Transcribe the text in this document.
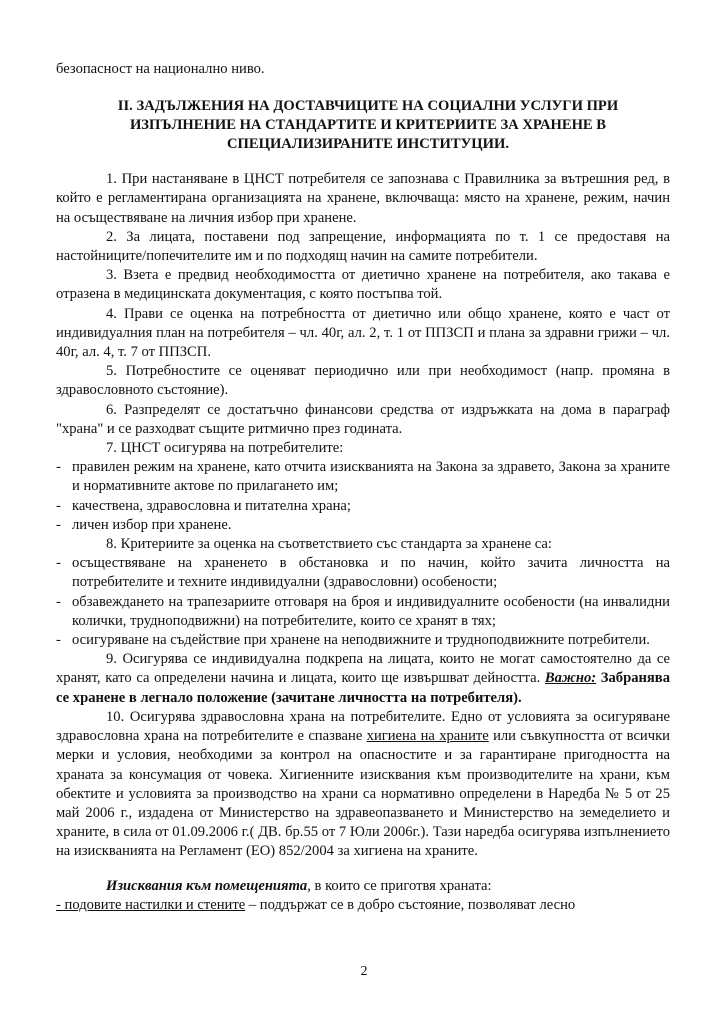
безопасност на национално ниво.

II. ЗАДЪЛЖЕНИЯ НА ДОСТАВЧИЦИТЕ НА СОЦИАЛНИ УСЛУГИ ПРИ
ИЗПЪЛНЕНИЕ НА СТАНДАРТИТЕ И КРИТЕРИИТЕ ЗА ХРАНЕНЕ В
СПЕЦИАЛИЗИРАНИТЕ ИНСТИТУЦИИ.

1. При настаняване в ЦНСТ потребителя се запознава с Правилника за вътрешния ред, в който е регламентирана организацията на хранене, включваща: място на хранене, режим, начин на осъществяване на личния избор при хранене.

2. За лицата, поставени под запрещение, информацията по т. 1 се предоставя на настойниците/попечителите им и по подходящ начин на самите потребители.

3. Взета е предвид необходимостта от диетично хранене на потребителя, ако такава е отразена в медицинската документация, с която постъпва той.

4. Прави се оценка на потребността от диетично или общо хранене, която е част от индивидуалния план на потребителя – чл. 40г, ал. 2, т. 1 от ППЗСП и плана за здравни грижи – чл. 40г, ал. 4, т. 7 от ППЗСП.

5. Потребностите се оценяват периодично или при необходимост (напр. промяна в здравословното състояние).

6. Разпределят се достатъчно финансови средства от издръжката на дома в параграф "храна" и се разходват същите ритмично през годината.

7. ЦНСТ осигурява на потребителите:

- правилен режим на хранене, като отчита изискванията на Закона за здравето, Закона за храните и нормативните актове по прилагането им;
- качествена, здравословна и питателна храна;
- личен избор при хранене.

8. Критериите за оценка на съответствието със стандарта за хранене са:

- осъществяване на храненето в обстановка и по начин, който зачита личността на потребителите и техните индивидуални (здравословни) особености;
- обзавеждането на трапезариите отговаря на броя и индивидуалните особености (на инвалидни колички, трудноподвижни) на потребителите, които се хранят в тях;
- осигуряване на съдействие при хранене на неподвижните и трудноподвижните потребители.

9. Осигурява се индивидуална подкрепа на лицата, които не могат самостоятелно да се хранят, като са определени начина и лицата, които ще извършват дейността. Важно: Забранява се хранене в легнало положение (зачитане личността на потребителя).

10. Осигурява здравословна храна на потребителите. Едно от условията за осигуряване здравословна храна на потребителите е спазване хигиена на храните или съвкупността от всички мерки и условия, необходими за контрол на опасностите и за гарантиране пригодността на храната за консумация от човека. Хигиенните изисквания към производителите на храни, към обектите и условията за производство на храни са нормативно определени в Наредба № 5 от 25 май 2006 г., издадена от Министерство на здравеопазването и Министерство на земеделието и храните, в сила от 01.09.2006 г.( ДВ. бр.55 от 7 Юли 2006г.). Тази наредба осигурява изпълнението на изискванията на Регламент (ЕО) 852/2004 за хигиена на храните.

Изисквания към помещенията, в които се приготвя храната:

- подовите настилки и стените – поддържат се в добро състояние, позволяват лесно

2
